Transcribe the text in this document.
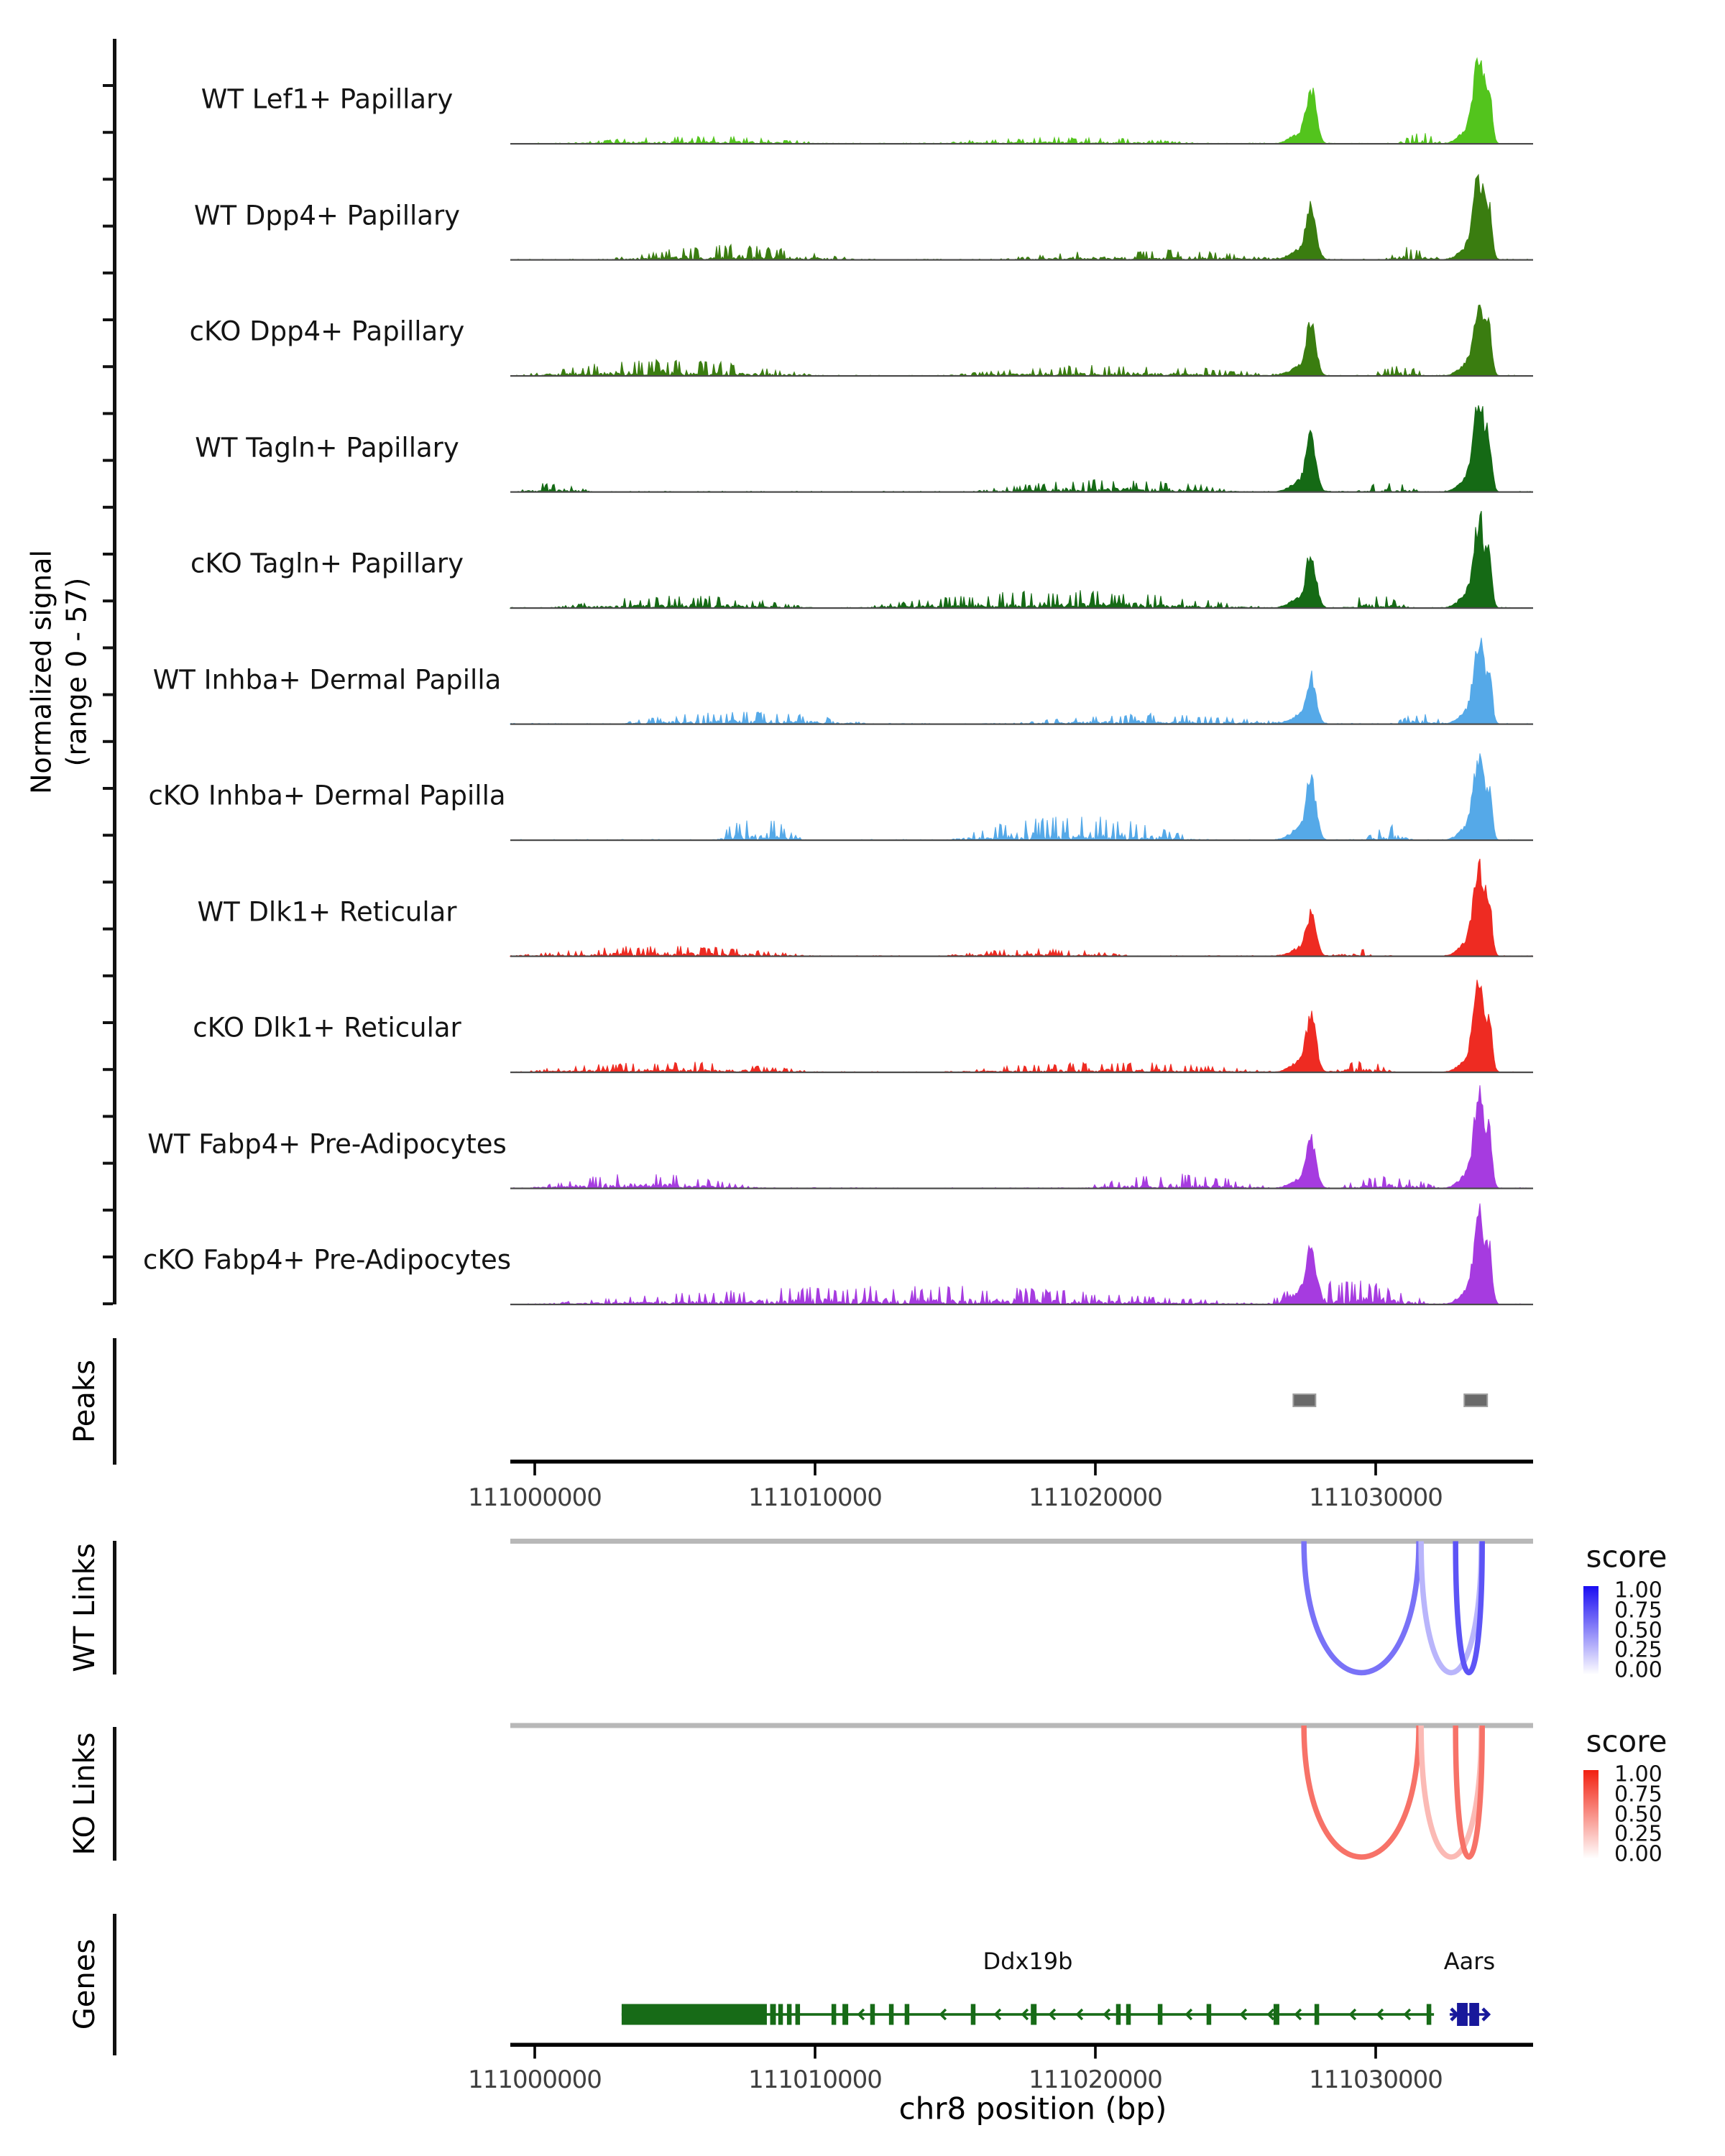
Normalized signal (range 0 - 57)
Peaks
WT Links
KO Links
Genes
score
score
chr8 position (bp)
WT Lef1+ Papillary
WT Dpp4+ Papillary
cKO Dpp4+ Papillary
WT Tagln+ Papillary
cKO Tagln+ Papillary
WT Inhba+ Dermal Papilla
cKO Inhba+ Dermal Papilla
WT Dlk1+ Reticular
cKO Dlk1+ Reticular
WT Fabp4+ Pre-Adipocytes
cKO Fabp4+ Pre-Adipocytes
111000000	111010000	111020000	111030000
1.00
0.75
0.50
0.25
0.00
1.00
0.75
0.50
0.25
0.00
Ddx19b	Aars
111000000	111010000	111020000	111030000
